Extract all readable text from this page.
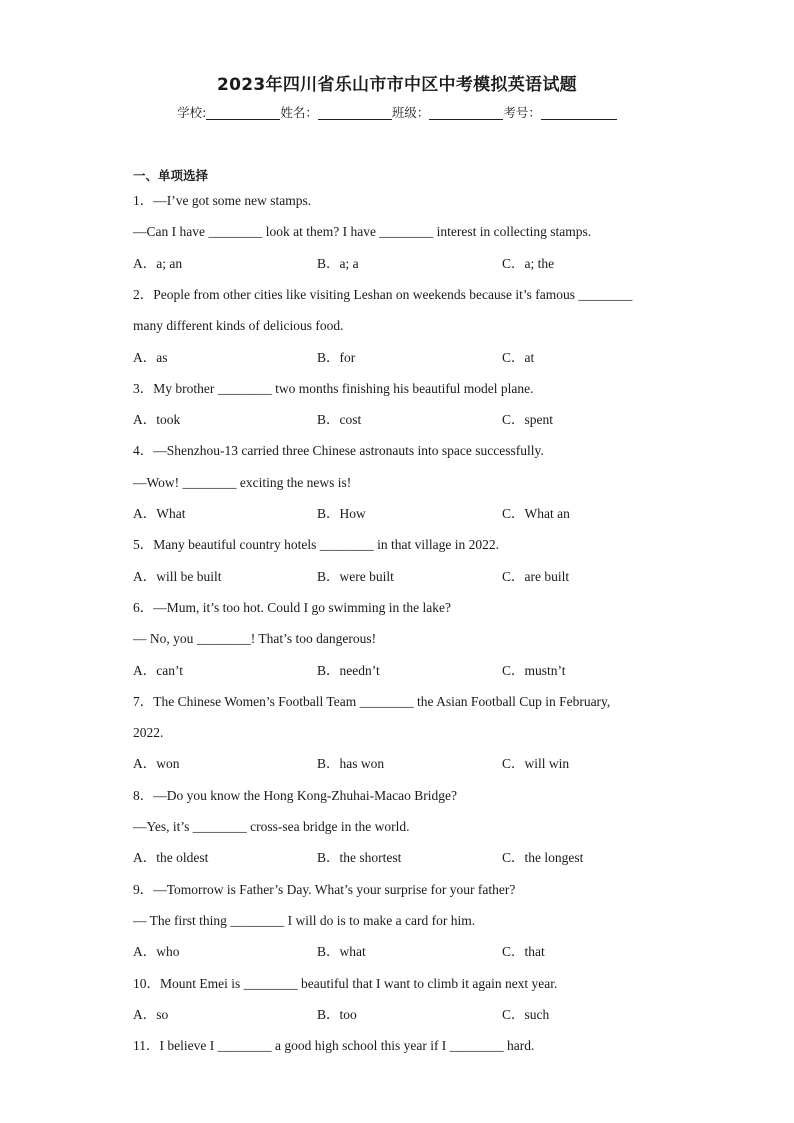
2023年四川省乐山市市中区中考模拟英语试题
学校:	姓名：	班级：	考号：
一、单项选择
1．—I’ve got some new stamps.
—Can I have ________ look at them? I have ________ interest in collecting stamps.
A．a; an	B．a; a	C．a; the
2．People from other cities like visiting Leshan on weekends because it’s famous ________
many different kinds of delicious food.
A．as	B．for	C．at
3．My brother ________ two months finishing his beautiful model plane.
A．took	B．cost	C．spent
4．—Shenzhou-13 carried three Chinese astronauts into space successfully.
—Wow! ________ exciting the news is!
A．What	B．How	C．What an
5．Many beautiful country hotels ________ in that village in 2022.
A．will be built	B．were built	C．are built
6．—Mum, it’s too hot. Could I go swimming in the lake?
— No, you ________! That’s too dangerous!
A．can’t	B．needn’t	C．mustn’t
7．The Chinese Women’s Football Team ________ the Asian Football Cup in February,
2022.
A．won	B．has won	C．will win
8．—Do you know the Hong Kong-Zhuhai-Macao Bridge?
—Yes, it’s ________ cross-sea bridge in the world.
A．the oldest	B．the shortest	C．the longest
9．—Tomorrow is Father’s Day. What’s your surprise for your father?
— The first thing ________ I will do is to make a card for him.
A．who	B．what	C．that
10．Mount Emei is ________ beautiful that I want to climb it again next year.
A．so	B．too	C．such
11．I believe I ________ a good high school this year if I ________ hard.
